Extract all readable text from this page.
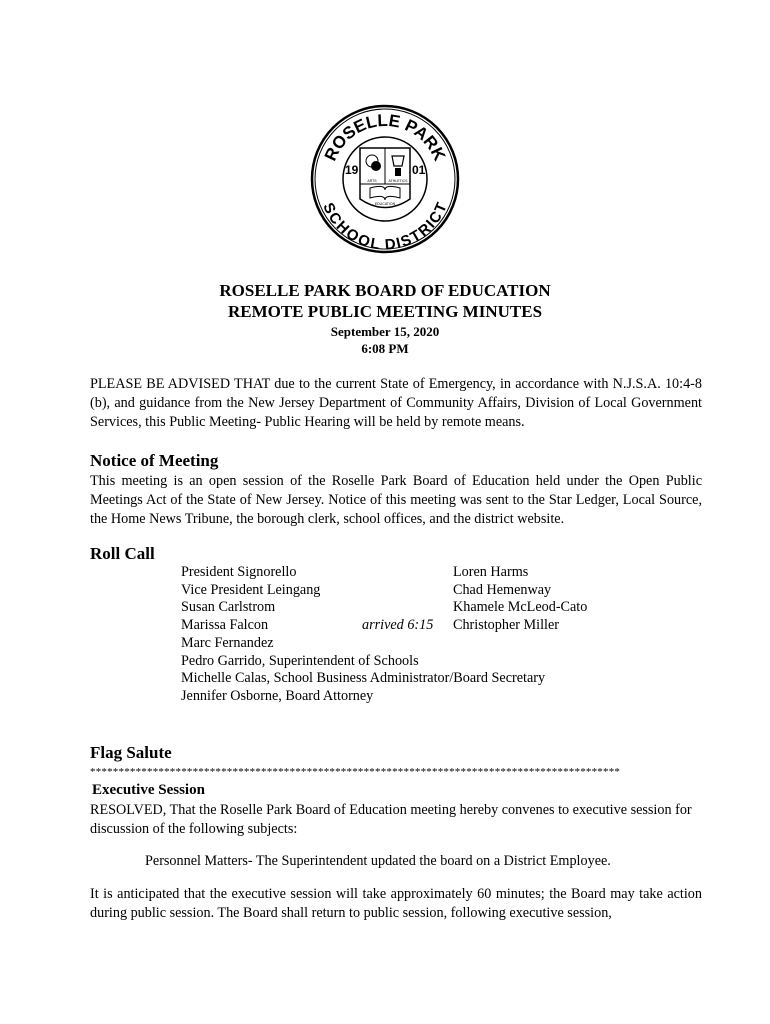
ROSELLE PARK
SCHOOL DISTRICT
19	01
ARTS	ATHLETICS
EDUCATION
ROSELLE PARK BOARD OF EDUCATION
REMOTE PUBLIC MEETING MINUTES
September 15, 2020
6:08 PM
PLEASE BE ADVISED THAT due to the current State of Emergency, in accordance with N.J.S.A. 10:4-8 (b), and guidance from the New Jersey Department of Community Affairs, Division of Local Government Services, this Public Meeting- Public Hearing will be held by remote means.
Notice of Meeting
This meeting is an open session of the Roselle Park Board of Education held under the Open Public Meetings Act of the State of New Jersey. Notice of this meeting was sent to the Star Ledger, Local Source, the Home News Tribune, the borough clerk, school offices, and the district website.
Roll Call
President Signorello
Vice President Leingang
Susan Carlstrom
Marissa Falcon
Marc Fernandez
Pedro Garrido, Superintendent of Schools
Michelle Calas, School Business Administrator/Board Secretary
Jennifer Osborne, Board Attorney
arrived 6:15
Loren Harms
Chad Hemenway
Khamele McLeod-Cato
Christopher Miller
Flag Salute
*********************************************************************************************
Executive Session
RESOLVED, That the Roselle Park Board of Education meeting hereby convenes to executive session for discussion of the following subjects:
Personnel Matters- The Superintendent updated the board on a District Employee.
It is anticipated that the executive session will take approximately 60 minutes; the Board may take action during public session. The Board shall return to public session, following executive session,
